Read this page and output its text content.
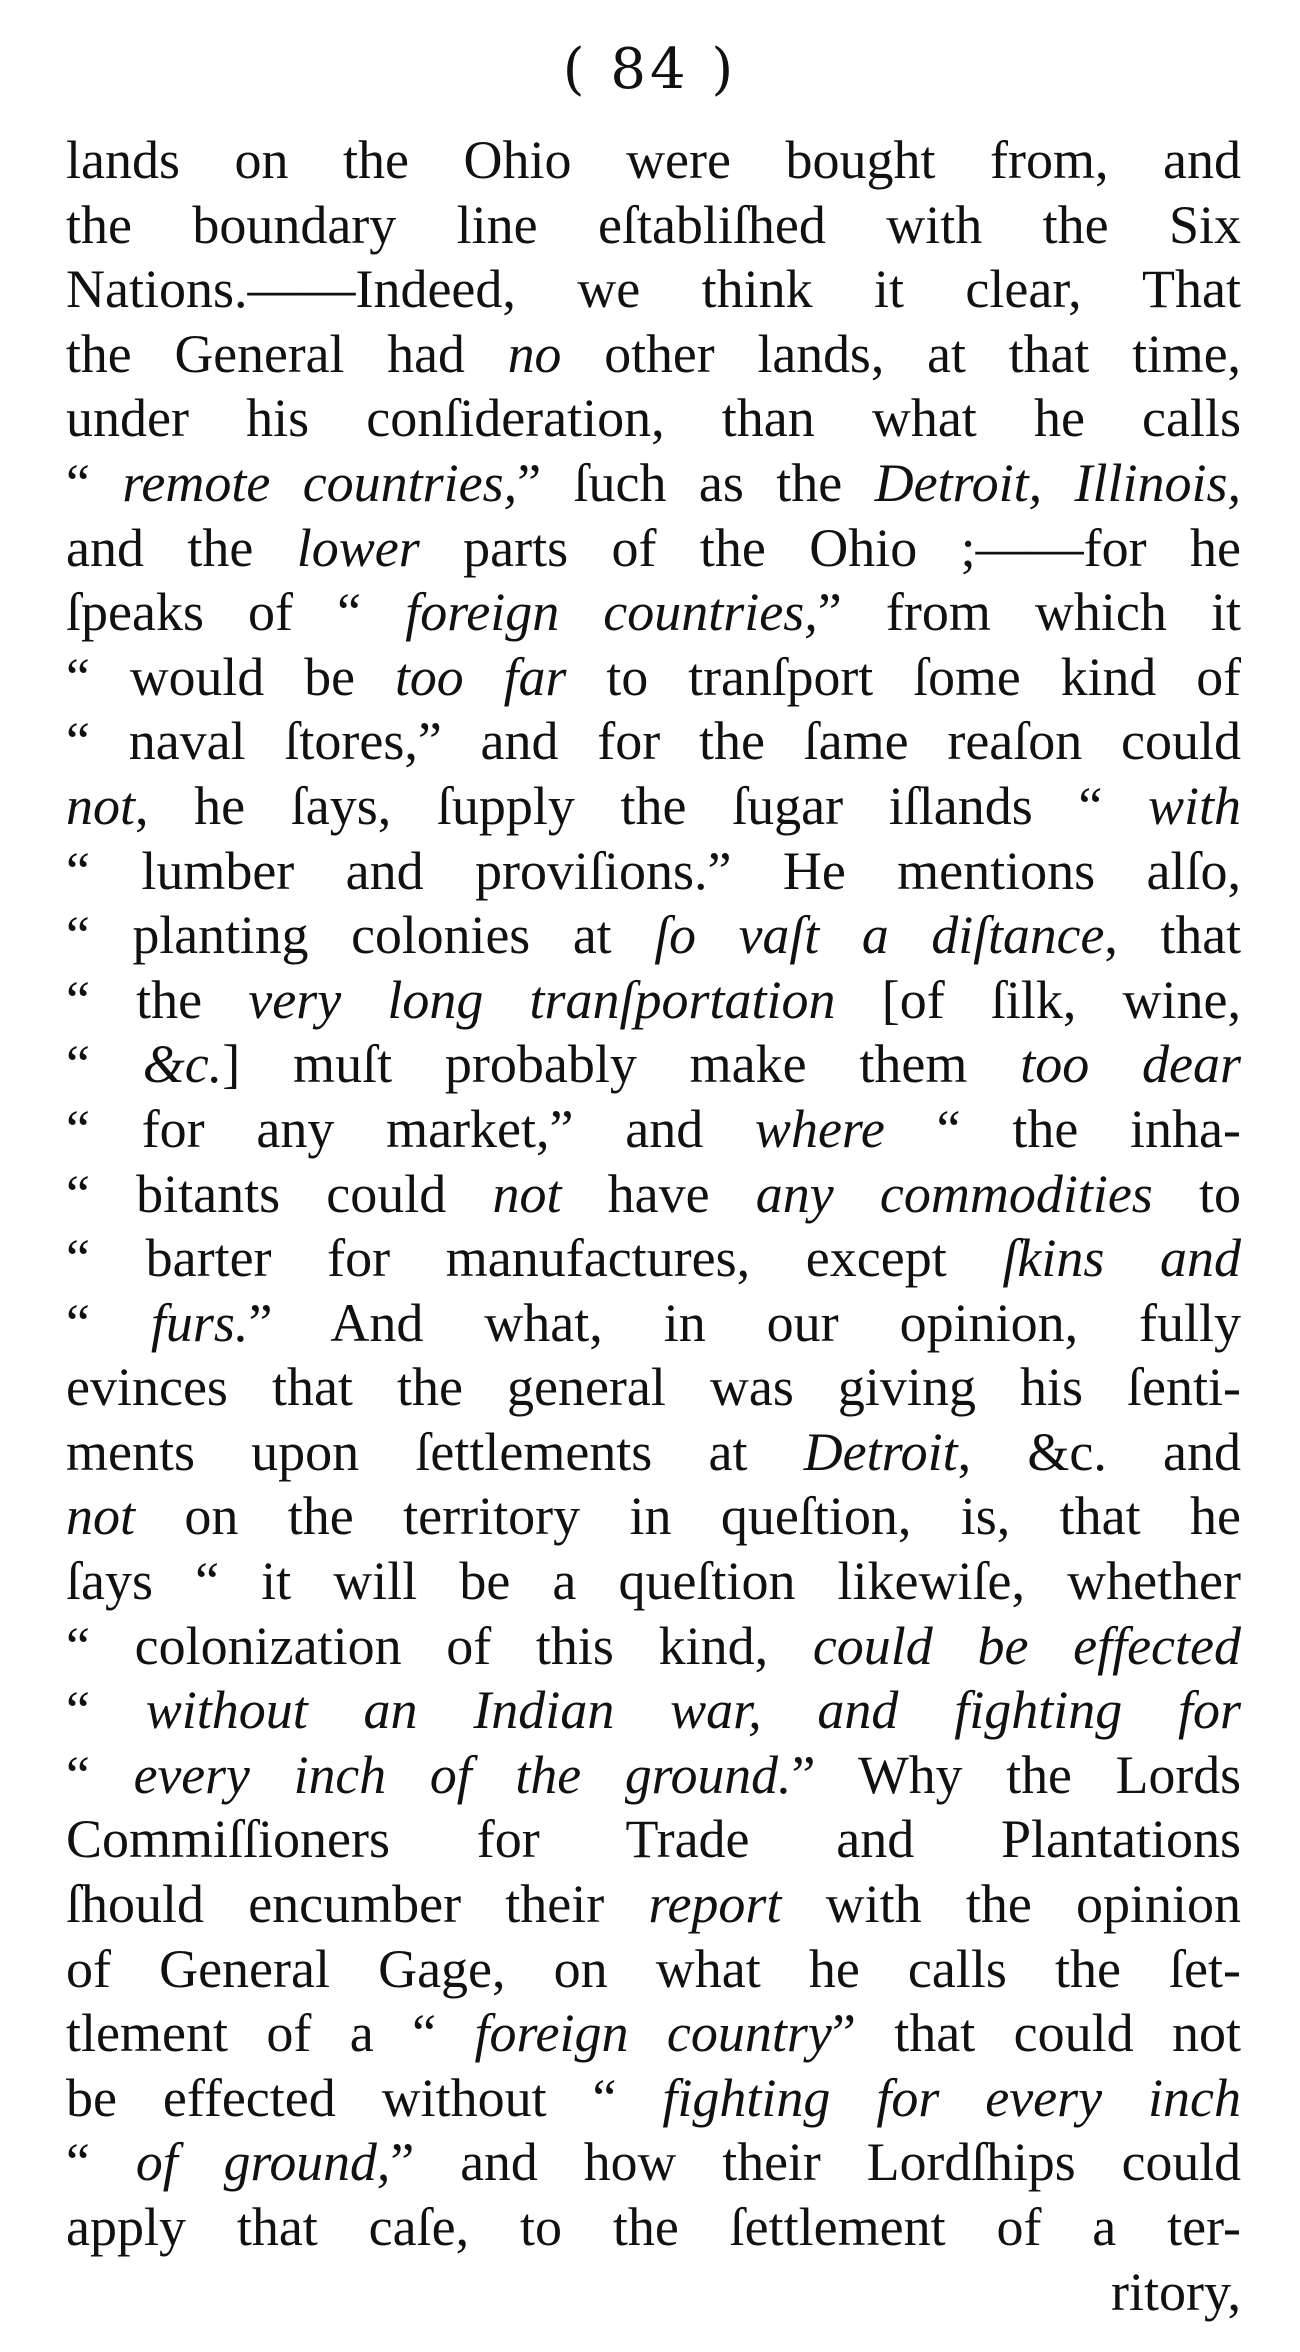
( 84 )
lands on the Ohio were bought from, and
the boundary line eſtabliſhed with the Six
Nations.——Indeed, we think it clear, That
the General had no other lands, at that time,
under his conſideration, than what he calls
“ remote countries,” ſuch as the Detroit, Illinois,
and the lower parts of the Ohio ;——for he
ſpeaks of “ foreign countries,” from which it
“ would be too far to tranſport ſome kind of
“ naval ſtores,” and for the ſame reaſon could
not, he ſays, ſupply the ſugar iſlands “ with
“ lumber and proviſions.” He mentions alſo,
“ planting colonies at ſo vaſt a diſtance, that
“ the very long tranſportation [of ſilk, wine,
“ &c.] muſt probably make them too dear
“ for any market,” and where “ the inha-
“ bitants could not have any commodities to
“ barter for manufactures, except ſkins and
“ furs.” And what, in our opinion, fully
evinces that the general was giving his ſenti-
ments upon ſettlements at Detroit, &c. and
not on the territory in queſtion, is, that he
ſays “ it will be a queſtion likewiſe, whether
“ colonization of this kind, could be effected
“ without an Indian war, and fighting for
“ every inch of the ground.” Why the Lords
Commiſſioners for Trade and Plantations
ſhould encumber their report with the opinion
of General Gage, on what he calls the ſet-
tlement of a “ foreign country” that could not
be effected without “ fighting for every inch
“ of ground,” and how their Lordſhips could
apply that caſe, to the ſettlement of a ter-
ritory,
